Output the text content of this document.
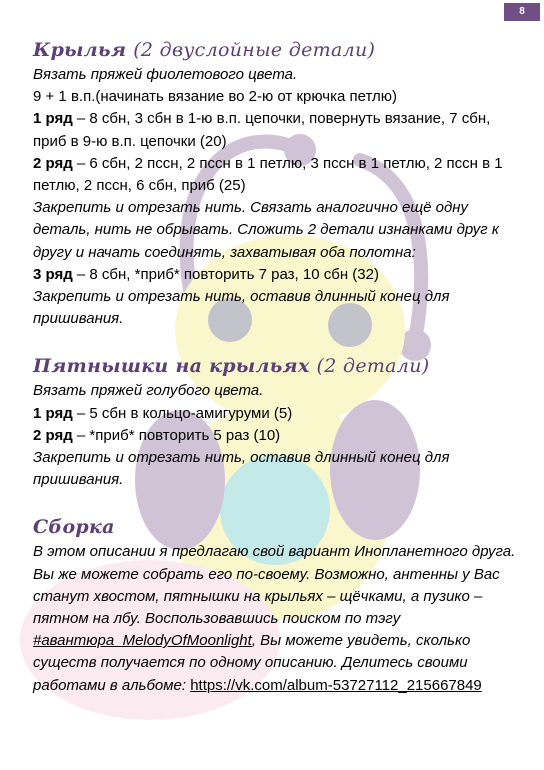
8
Крылья (2 двуслойные детали)

Вязать пряжей фиолетового цвета.

9 + 1 в.п.(начинать вязание во 2-ю от крючка петлю)

1 ряд – 8 сбн, 3 сбн в 1-ю в.п. цепочки, повернуть вязание, 7 сбн, приб в 9-ю в.п. цепочки (20)

2 ряд – 6 сбн, 2 пссн, 2 пссн в 1 петлю, 3 пссн в 1 петлю, 2 пссн в 1 петлю, 2 пссн, 6 сбн, приб (25)

Закрепить и отрезать нить. Связать аналогично ещё одну деталь, нить не обрывать. Сложить 2 детали изнанками друг к другу и начать соединять, захватывая оба полотна:

3 ряд – 8 сбн, *приб* повторить 7 раз, 10 сбн (32)

Закрепить и отрезать нить, оставив длинный конец для пришивания.

Пятнышки на крыльях (2 детали)

Вязать пряжей голубого цвета.

1 ряд – 5 сбн в кольцо-амигуруми (5)

2 ряд – *приб* повторить 5 раз (10)

Закрепить и отрезать нить, оставив длинный конец для пришивания.

Сборка

В этом описании я предлагаю свой вариант Инопланетного друга. Вы же можете собрать его по-своему. Возможно, антенны у Вас станут хвостом, пятнышки на крыльях – щёчками, а пузико – пятном на лбу. Воспользовавшись поиском по тэгу #авантюра_MelodyOfMoonlight, Вы можете увидеть, сколько существ получается по одному описанию. Делитесь своими работами в альбоме: https://vk.com/album-53727112_215667849
